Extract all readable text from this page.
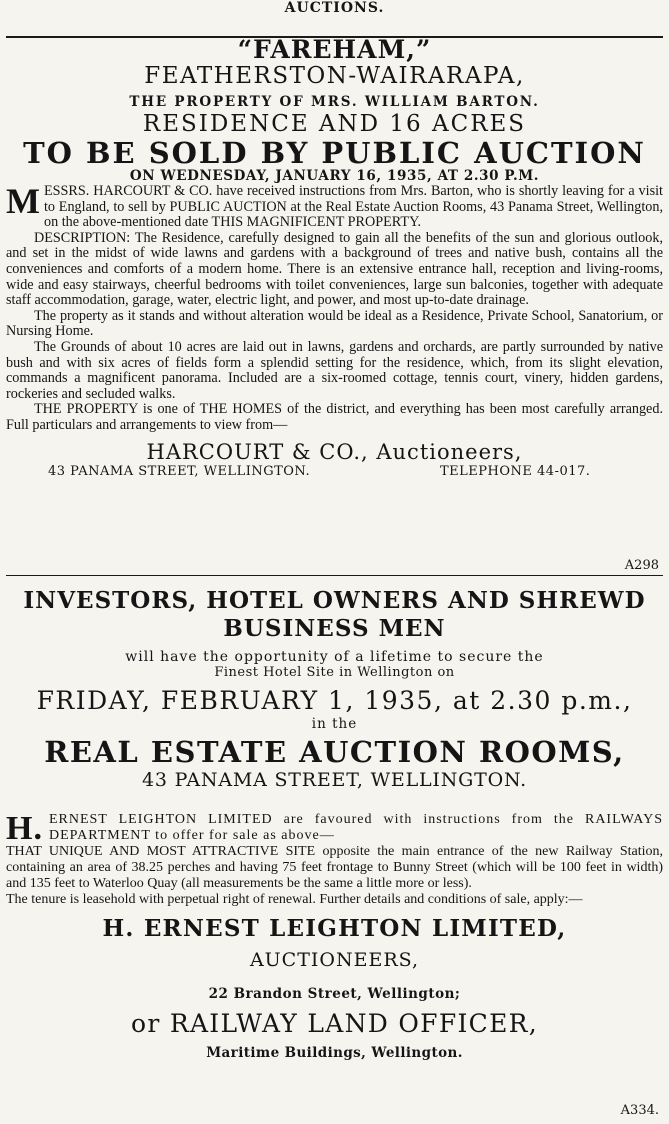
AUCTIONS.
“FAREHAM,”
FEATHERSTON-WAIRARAPA,
THE PROPERTY OF MRS. WILLIAM BARTON.
RESIDENCE AND 16 ACRES
TO BE SOLD BY PUBLIC AUCTION
ON WEDNESDAY, JANUARY 16, 1935, AT 2.30 P.M.

MESSRS. HARCOURT & CO. have received instructions from Mrs. Barton, who is shortly leaving for a visit to England, to sell by PUBLIC AUCTION at the Real Estate Auction Rooms, 43 Panama Street, Wellington, on the above-mentioned date THIS MAGNIFICENT PROPERTY.

DESCRIPTION: The Residence, carefully designed to gain all the benefits of the sun and glorious outlook, and set in the midst of wide lawns and gardens with a background of trees and native bush, contains all the conveniences and comforts of a modern home. There is an extensive entrance hall, reception and living-rooms, wide and easy stairways, cheerful bedrooms with toilet conveniences, large sun balconies, together with adequate staff accommodation, garage, water, electric light, and power, and most up-to-date drainage.

The property as it stands and without alteration would be ideal as a Residence, Private School, Sanatorium, or Nursing Home.

The Grounds of about 10 acres are laid out in lawns, gardens and orchards, are partly surrounded by native bush and with six acres of fields form a splendid setting for the residence, which, from its slight elevation, commands a magnificent panorama. Included are a six-roomed cottage, tennis court, vinery, hidden gardens, rockeries and secluded walks.

THE PROPERTY is one of THE HOMES of the district, and everything has been most carefully arranged. Full particulars and arrangements to view from—

HARCOURT & CO., Auctioneers,
43 PANAMA STREET, WELLINGTON.	TELEPHONE 44-017.
A298
INVESTORS, HOTEL OWNERS AND SHREWD
BUSINESS MEN
will have the opportunity of a lifetime to secure the
Finest Hotel Site in Wellington on
FRIDAY, FEBRUARY 1, 1935, at 2.30 p.m.,
in the
REAL ESTATE AUCTION ROOMS,
43 PANAMA STREET, WELLINGTON.

H. ERNEST LEIGHTON LIMITED are favoured with instructions from the RAILWAYS DEPARTMENT to offer for sale as above—

THAT UNIQUE AND MOST ATTRACTIVE SITE opposite the main entrance of the new Railway Station, containing an area of 38.25 perches and having 75 feet frontage to Bunny Street (which will be 100 feet in width) and 135 feet to Waterloo Quay (all measurements be the same a little more or less).

The tenure is leasehold with perpetual right of renewal. Further details and conditions of sale, apply:—

H. ERNEST LEIGHTON LIMITED,
AUCTIONEERS,
22 Brandon Street, Wellington;
or RAILWAY LAND OFFICER,
Maritime Buildings, Wellington.
A334.
